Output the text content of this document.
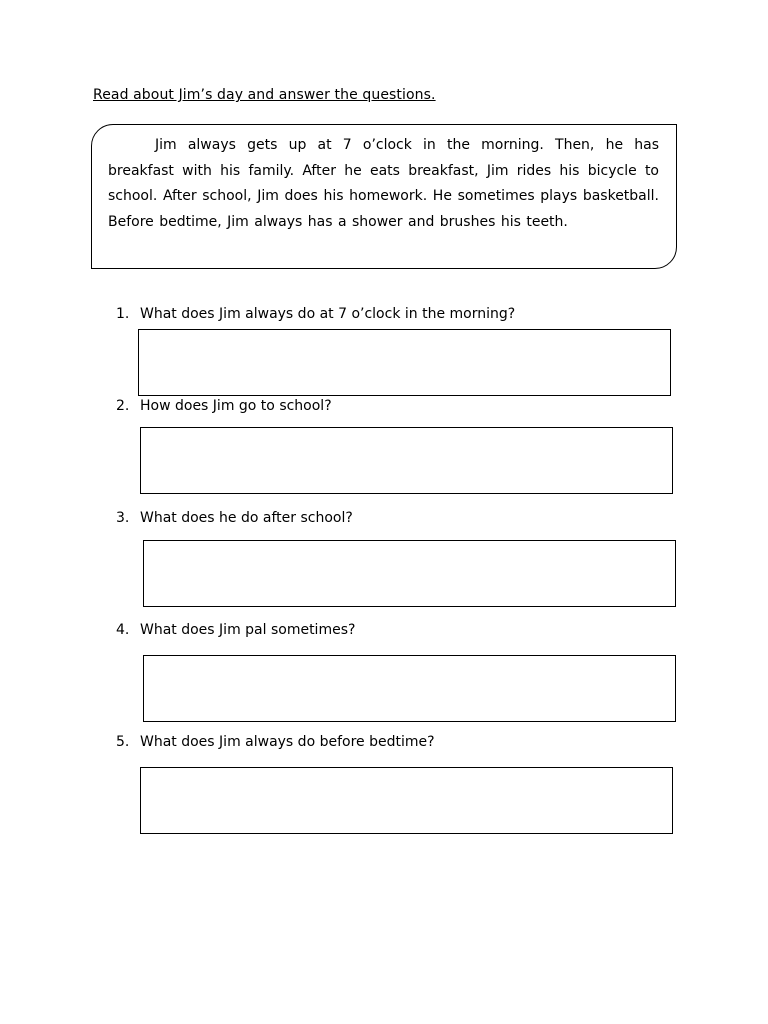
Read about Jim’s day and answer the questions.

Jim always gets up at 7 o’clock in the morning. Then, he has breakfast with his family. After he eats breakfast, Jim rides his bicycle to school. After school, Jim does his homework. He sometimes plays basketball. Before bedtime, Jim always has a shower and brushes his teeth.

1. What does Jim always do at 7 o’clock in the morning?
2. How does Jim go to school?
3. What does he do after school?
4. What does Jim pal sometimes?
5. What does Jim always do before bedtime?
